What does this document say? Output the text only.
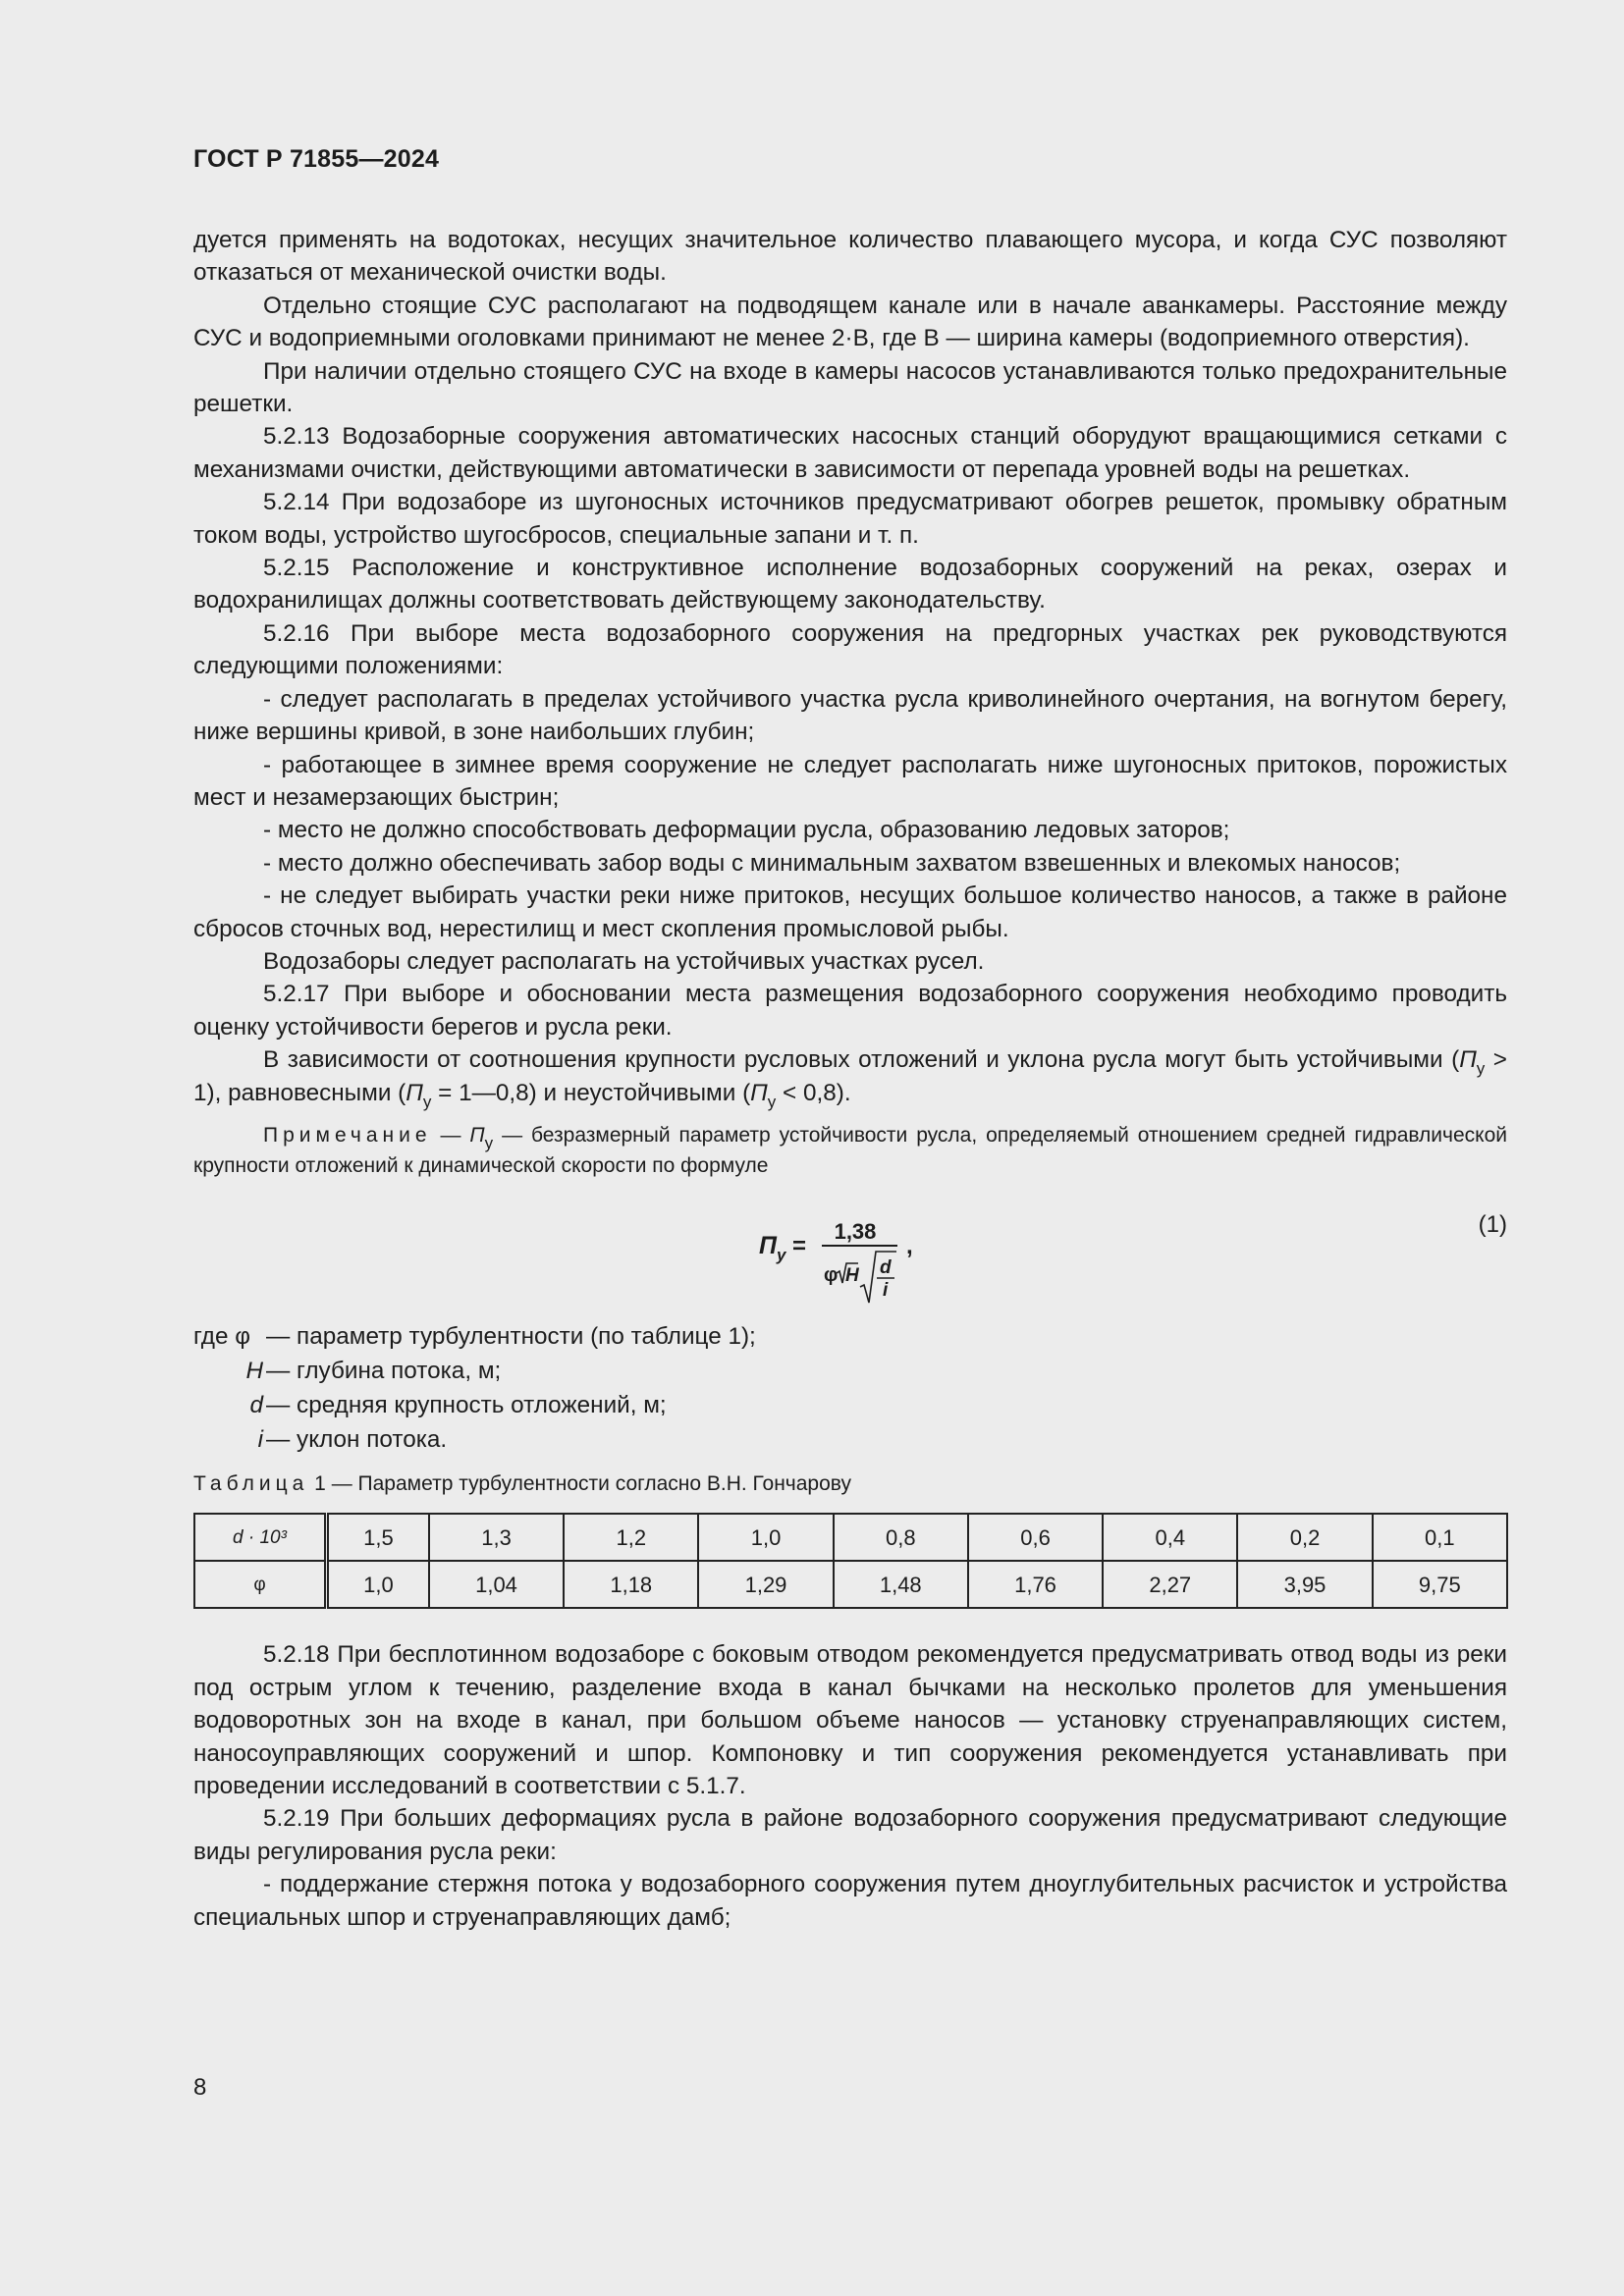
ГОСТ Р 71855—2024

дуется применять на водотоках, несущих значительное количество плавающего мусора, и когда СУС позволяют отказаться от механической очистки воды.

Отдельно стоящие СУС располагают на подводящем канале или в начале аванкамеры. Расстояние между СУС и водоприемными оголовками принимают не менее 2·В, где В — ширина камеры (водоприемного отверстия).

При наличии отдельно стоящего СУС на входе в камеры насосов устанавливаются только предохранительные решетки.

5.2.13 Водозаборные сооружения автоматических насосных станций оборудуют вращающимися сетками с механизмами очистки, действующими автоматически в зависимости от перепада уровней воды на решетках.

5.2.14 При водозаборе из шугоносных источников предусматривают обогрев решеток, промывку обратным током воды, устройство шугосбросов, специальные запани и т. п.

5.2.15 Расположение и конструктивное исполнение водозаборных сооружений на реках, озерах и водохранилищах должны соответствовать действующему законодательству.

5.2.16 При выборе места водозаборного сооружения на предгорных участках рек руководствуются следующими положениями:

- следует располагать в пределах устойчивого участка русла криволинейного очертания, на вогнутом берегу, ниже вершины кривой, в зоне наибольших глубин;

- работающее в зимнее время сооружение не следует располагать ниже шугоносных притоков, порожистых мест и незамерзающих быстрин;

- место не должно способствовать деформации русла, образованию ледовых заторов;

- место должно обеспечивать забор воды с минимальным захватом взвешенных и влекомых наносов;

- не следует выбирать участки реки ниже притоков, несущих большое количество наносов, а также в районе сбросов сточных вод, нерестилищ и мест скопления промысловой рыбы.

Водозаборы следует располагать на устойчивых участках русел.

5.2.17 При выборе и обосновании места размещения водозаборного сооружения необходимо проводить оценку устойчивости берегов и русла реки.

В зависимости от соотношения крупности русловых отложений и уклона русла могут быть устойчивыми $(П_у > 1)$, равновесными ($П_у$ = 1—0,8) и неустойчивыми $(П_у < 0,8)$.

Примечание — $П_у$ — безразмерный параметр устойчивости русла, определяемый отношением средней гидравлической крупности отложений к динамической скорости по формуле

П у =
1,38
,
φ H d
i
(1)
где φ — параметр турбулентности (по таблице 1);
H — глубина потока, м;
d — средняя крупность отложений, м;
i — уклон потока.
Таблица 1 — Параметр турбулентности согласно В.Н. Гончарову
d · 10³	1,5	1,3	1,2	1,0	0,8	0,6	0,4	0,2	0,1
φ	1,0	1,04	1,18	1,29	1,48	1,76	2,27	3,95	9,75

5.2.18 При бесплотинном водозаборе с боковым отводом рекомендуется предусматривать отвод воды из реки под острым углом к течению, разделение входа в канал бычками на несколько пролетов для уменьшения водоворотных зон на входе в канал, при большом объеме наносов — установку струенаправляющих систем, наносоуправляющих сооружений и шпор. Компоновку и тип сооружения рекомендуется устанавливать при проведении исследований в соответствии с 5.1.7.

5.2.19 При больших деформациях русла в районе водозаборного сооружения предусматривают следующие виды регулирования русла реки:

- поддержание стержня потока у водозаборного сооружения путем дноуглубительных расчисток и устройства специальных шпор и струенаправляющих дамб;

8
